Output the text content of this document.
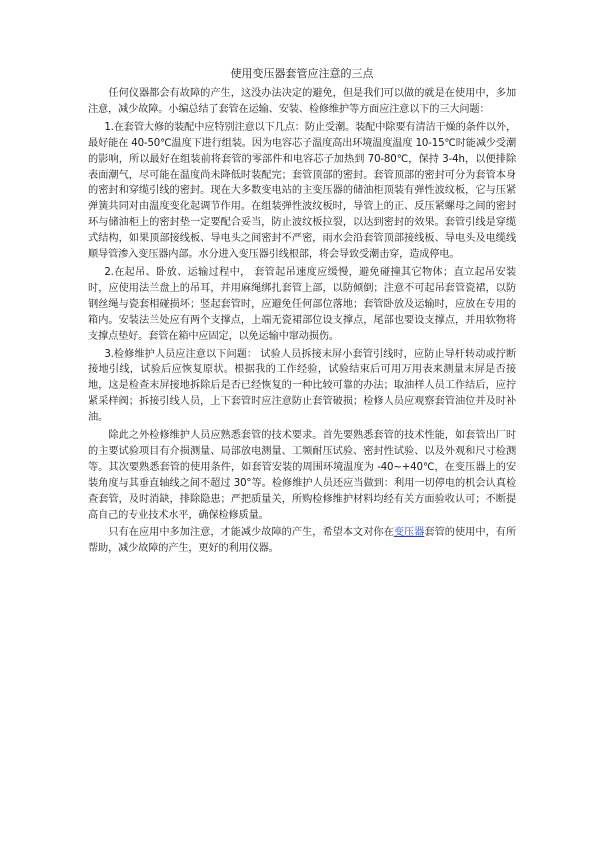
使用变压器套管应注意的三点

任何仪器都会有故障的产生，这没办法决定的避免，但是我们可以做的就是在使用中，多加注意，减少故障。小编总结了套管在运输、安装、检修维护等方面应注意以下的三大问题：

1.在套管大修的装配中应特别注意以下几点：防止受潮。装配中除要有清洁干燥的条件以外，最好能在 40-50℃温度下进行组装。因为电容芯子温度高出环境温度温度 10-15℃时能减少受潮的影响，所以最好在组装前将套管的零部件和电容芯子加热到 70-80℃，保持 3-4h，以便排除表面潮气，尽可能在温度尚未降低时装配完；套管顶部的密封。套管顶部的密封可分为套管本身的密封和穿缆引线的密封。现在大多数变电站的主变压器的储油柜顶装有弹性波纹板，它与压紧弹簧共同对由温度变化起调节作用。在组装弹性波纹板时，导管上的正、反压紧螺母之间的密封环与储油柜上的密封垫一定要配合妥当，防止波纹板拉裂，以达到密封的效果。套管引线是穿缆式结构，如果顶部接线板、导电头之间密封不严密，雨水会沿套管顶部接线板、导电头及电缆线顺导管渗入变压器内部。水分进入变压器引线根部，将会导致受潮击穿，造成停电。

2.在起吊、卧放、运输过程中， 套管起吊速度应缓慢，避免碰撞其它物体；直立起吊安装时，应使用法兰盘上的吊耳，并用麻绳绑扎套管上部，以防倾倒；注意不可起吊套管瓷裙，以防钢丝绳与瓷套相碰损坏；竖起套管时，应避免任何部位落地；套管卧放及运输时，应放在专用的箱内。安装法兰处应有两个支撑点，上端无瓷裙部位设支撑点，尾部也要设支撑点，并用软物将支撑点垫好。套管在箱中应固定，以免运输中窜动损伤。

3.检修维护人员应注意以下问题： 试验人员拆接末屏小套管引线时，应防止导杆转动或拧断接地引线，试验后应恢复原状。根据我的工作经验，试验结束后可用万用表来测量末屏是否接地，这是检查末屏接地拆除后是否已经恢复的一种比较可靠的办法；取油样人员工作结后，应拧紧采样阀；拆接引线人员，上下套管时应注意防止套管破损；检修人员应观察套管油位并及时补油。

除此之外检修维护人员应熟悉套管的技术要求。首先要熟悉套管的技术性能，如套管出厂时的主要试验项目有介损测量、局部放电测量、工频耐压试验、密封性试验、以及外观和尺寸检测等。其次要熟悉套管的使用条件，如套管安装的周围环境温度为 -40~+40℃，在变压器上的安装角度与其垂直轴线之间不超过 30°等。检修维护人员还应当做到：利用一切停电的机会认真检查套管，及时消缺，排除隐患；严把质量关，所购检修维护材料均经有关方面验收认可；不断提高自己的专业技术水平，确保检修质量。

只有在应用中多加注意，才能减少故障的产生，希望本文对你在变压器套管的使用中，有所帮助，减少故障的产生，更好的利用仪器。
